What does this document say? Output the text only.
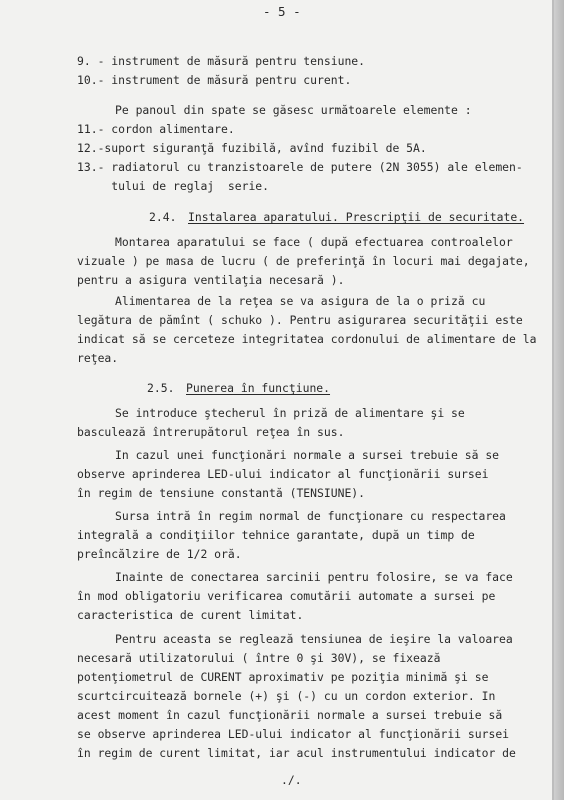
- 5 -
9. - instrument de măsură pentru tensiune.
10.- instrument de măsură pentru curent.
Pe panoul din spate se găsesc următoarele elemente :
11.- cordon alimentare.
12.-suport siguranţă fuzibilă, avînd fuzibil de 5A.
13.- radiatorul cu tranzistoarele de putere (2N 3055) ale elemen-
tului de reglaj  serie.
2.4. Instalarea aparatului. Prescripţii de securitate.
Montarea aparatului se face ( după efectuarea controalelor
vizuale ) pe masa de lucru ( de preferinţă în locuri mai degajate,
pentru a asigura ventilaţia necesară ).
Alimentarea de la reţea se va asigura de la o priză cu
legătura de pămînt ( schuko ). Pentru asigurarea securităţii este
indicat să se cerceteze integritatea cordonului de alimentare de la
reţea.
2.5. Punerea în funcţiune.
Se introduce ştecherul în priză de alimentare şi se
basculează întrerupătorul reţea în sus.
In cazul unei funcţionări normale a sursei trebuie să se
observe aprinderea LED-ului indicator al funcţionării sursei
în regim de tensiune constantă (TENSIUNE).
Sursa intră în regim normal de funcţionare cu respectarea
integrală a condiţiilor tehnice garantate, după un timp de
preîncălzire de 1/2 oră.
Inainte de conectarea sarcinii pentru folosire, se va face
în mod obligatoriu verificarea comutării automate a sursei pe
caracteristica de curent limitat.
Pentru aceasta se reglează tensiunea de ieşire la valoarea
necesară utilizatorului ( între 0 şi 30V), se fixează
potenţiometrul de CURENT aproximativ pe poziţia minimă şi se
scurtcircuitează bornele (+) şi (-) cu un cordon exterior. In
acest moment în cazul funcţionării normale a sursei trebuie să
se observe aprinderea LED-ului indicator al funcţionării sursei
în regim de curent limitat, iar acul instrumentului indicator de
./.
